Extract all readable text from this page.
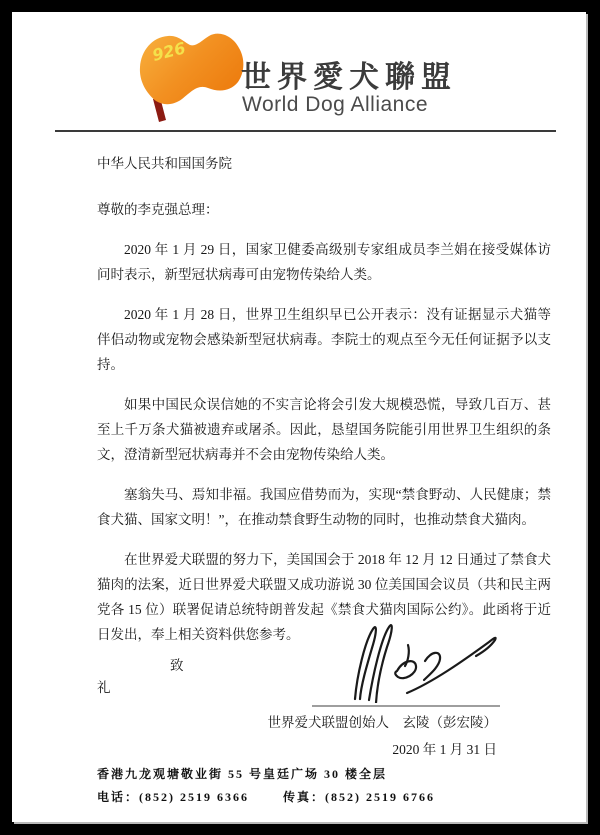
926
世界愛犬聯盟
World Dog Alliance
中华人民共和国国务院
尊敬的李克强总理：

2020 年 1 月 29 日，国家卫健委高级别专家组成员李兰娟在接受媒体访问时表示，新型冠状病毒可由宠物传染给人类。

2020 年 1 月 28 日，世界卫生组织早已公开表示：没有证据显示犬猫等伴侣动物或宠物会感染新型冠状病毒。李院士的观点至今无任何证据予以支持。

如果中国民众误信她的不实言论将会引发大规模恐慌，导致几百万、甚至上千万条犬猫被遗弃或屠杀。因此，恳望国务院能引用世界卫生组织的条文，澄清新型冠状病毒并不会由宠物传染给人类。

塞翁失马、焉知非福。我国应借势而为，实现“禁食野动、人民健康；禁食犬猫、国家文明！”，在推动禁食野生动物的同时，也推动禁食犬猫肉。

在世界爱犬联盟的努力下，美国国会于 2018 年 12 月 12 日通过了禁食犬猫肉的法案，近日世界爱犬联盟又成功游说 30 位美国国会议员（共和民主两党各 15 位）联署促请总统特朗普发起《禁食犬猫肉国际公约》。此函将于近日发出，奉上相关资料供您参考。

致
礼
世界爱犬联盟创始人　玄陵（彭宏陵）
2020 年 1 月 31 日
香港九龙观塘敬业街 55 号皇廷广场 30 楼全层
电话：(852) 2519 6366	传真：(852) 2519 6766
